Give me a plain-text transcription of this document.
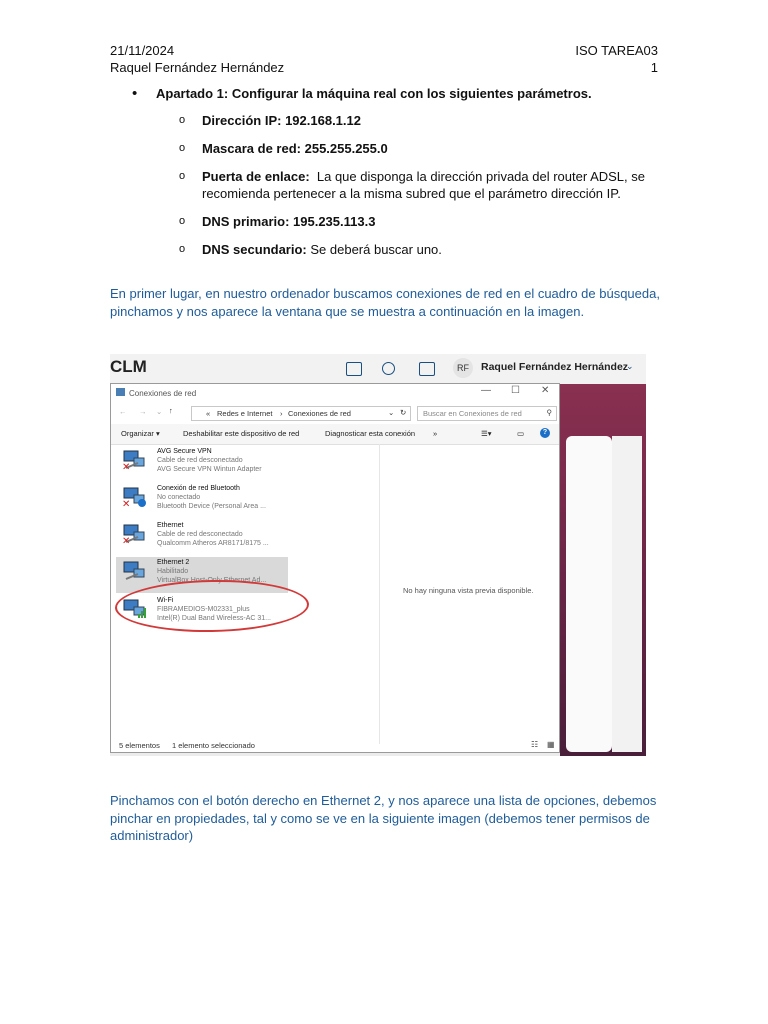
21/11/2024	ISO TAREA03
Raquel Fernández Hernández	1
• Apartado 1: Configurar la máquina real con los siguientes parámetros.
o Dirección IP: 192.168.1.12
o Mascara de red: 255.255.255.0
o Puerta de enlace:  La que disponga la dirección privada del router ADSL, se recomienda pertenecer a la misma subred que el parámetro dirección IP.
o DNS primario: 195.235.113.3
o DNS secundario: Se deberá buscar uno.
En primer lugar, en nuestro ordenador buscamos conexiones de red en el cuadro de búsqueda, pinchamos y nos aparece la ventana que se muestra a continuación en la imagen.
CLM	RF	Raquel Fernández Hernández
⌄
Conexiones de red	— ☐ ✕
← → ⌄ ↑	« Redes e Internet › Conexiones de red	⌄ ↻ Buscar en Conexiones de red	⚲
Organizar ▾	Deshabilitar este dispositivo de red	Diagnosticar esta conexión »	☰▾	▭	?
✕
AVG Secure VPN
Cable de red desconectado
AVG Secure VPN Wintun Adapter
✕
Conexión de red Bluetooth
No conectado
Bluetooth Device (Personal Area ...
✕
Ethernet
Cable de red desconectado
Qualcomm Atheros AR8171/8175 ...
Ethernet 2
Habilitado
VirtualBox Host-Only Ethernet Ad...
Wi-Fi
FIBRAMEDIOS-M02331_plus
Intel(R) Dual Band Wireless-AC 31...
No hay ninguna vista previa disponible.
5 elementos 1 elemento seleccionado	☷ ▦
Pinchamos con el botón derecho en Ethernet 2, y nos aparece una lista de opciones, debemos pinchar en propiedades, tal y como se ve en la siguiente imagen (debemos tener permisos de administrador)
